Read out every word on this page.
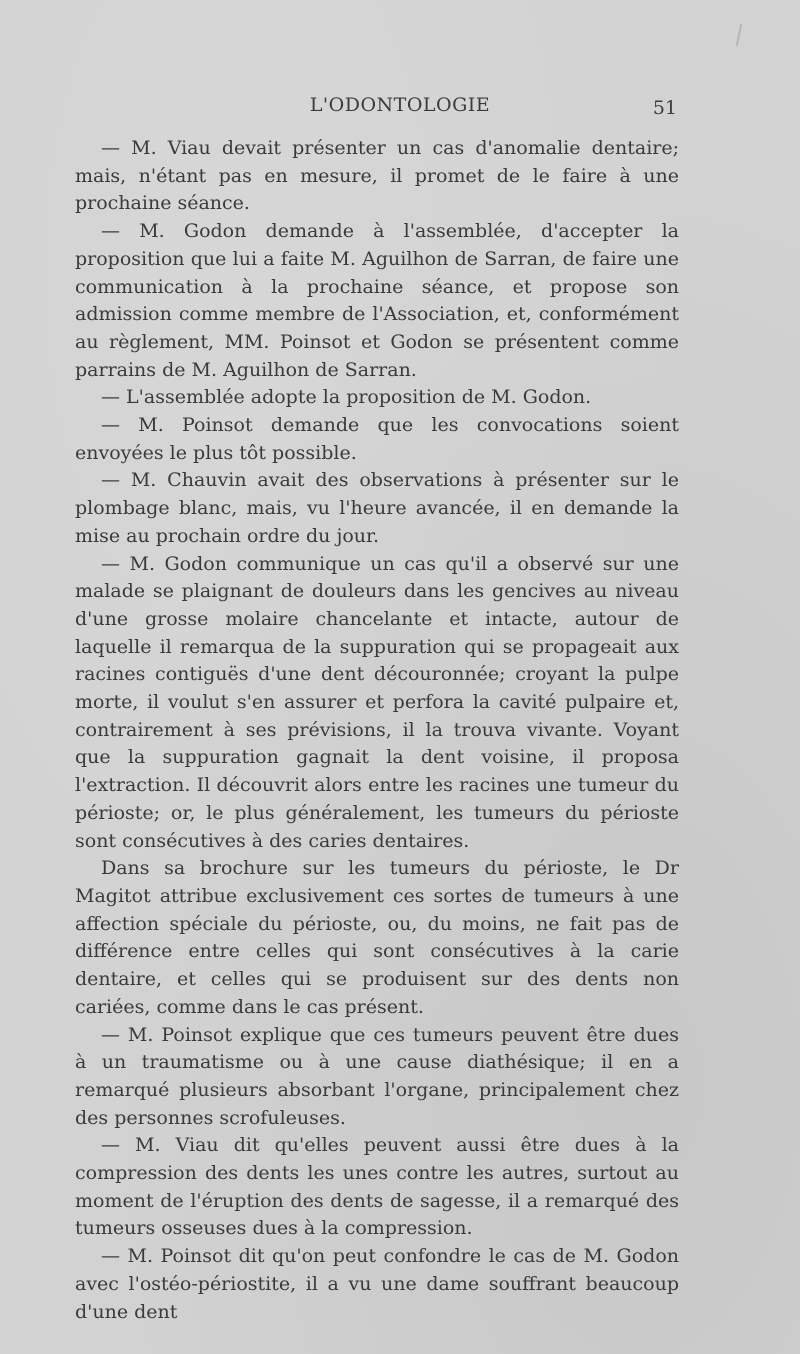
L'ODONTOLOGIE	51

— M. Viau devait présenter un cas d'anomalie dentaire; mais, n'étant pas en mesure, il promet de le faire à une prochaine séance.

— M. Godon demande à l'assemblée, d'accepter la proposition que lui a faite M. Aguilhon de Sarran, de faire une communication à la prochaine séance, et propose son admission comme membre de l'Association, et, conformément au règlement, MM. Poinsot et Godon se présentent comme parrains de M. Aguilhon de Sarran.

— L'assemblée adopte la proposition de M. Godon.

— M. Poinsot demande que les convocations soient envoyées le plus tôt possible.

— M. Chauvin avait des observations à présenter sur le plombage blanc, mais, vu l'heure avancée, il en demande la mise au prochain ordre du jour.

— M. Godon communique un cas qu'il a observé sur une malade se plaignant de douleurs dans les gencives au niveau d'une grosse molaire chancelante et intacte, autour de laquelle il remarqua de la suppuration qui se propageait aux racines contiguës d'une dent découronnée; croyant la pulpe morte, il voulut s'en assurer et perfora la cavité pulpaire et, contrairement à ses prévisions, il la trouva vivante. Voyant que la suppuration gagnait la dent voisine, il proposa l'extraction. Il découvrit alors entre les racines une tumeur du périoste; or, le plus généralement, les tumeurs du périoste sont consécutives à des caries dentaires.

Dans sa brochure sur les tumeurs du périoste, le Dr Magitot attribue exclusivement ces sortes de tumeurs à une affection spéciale du périoste, ou, du moins, ne fait pas de différence entre celles qui sont consécutives à la carie dentaire, et celles qui se produisent sur des dents non cariées, comme dans le cas présent.

— M. Poinsot explique que ces tumeurs peuvent être dues à un traumatisme ou à une cause diathésique; il en a remarqué plusieurs absorbant l'organe, principalement chez des personnes scrofuleuses.

— M. Viau dit qu'elles peuvent aussi être dues à la compression des dents les unes contre les autres, surtout au moment de l'éruption des dents de sagesse, il a remarqué des tumeurs osseuses dues à la compression.

— M. Poinsot dit qu'on peut confondre le cas de M. Godon avec l'ostéo-périostite, il a vu une dame souffrant beaucoup d'une dent
